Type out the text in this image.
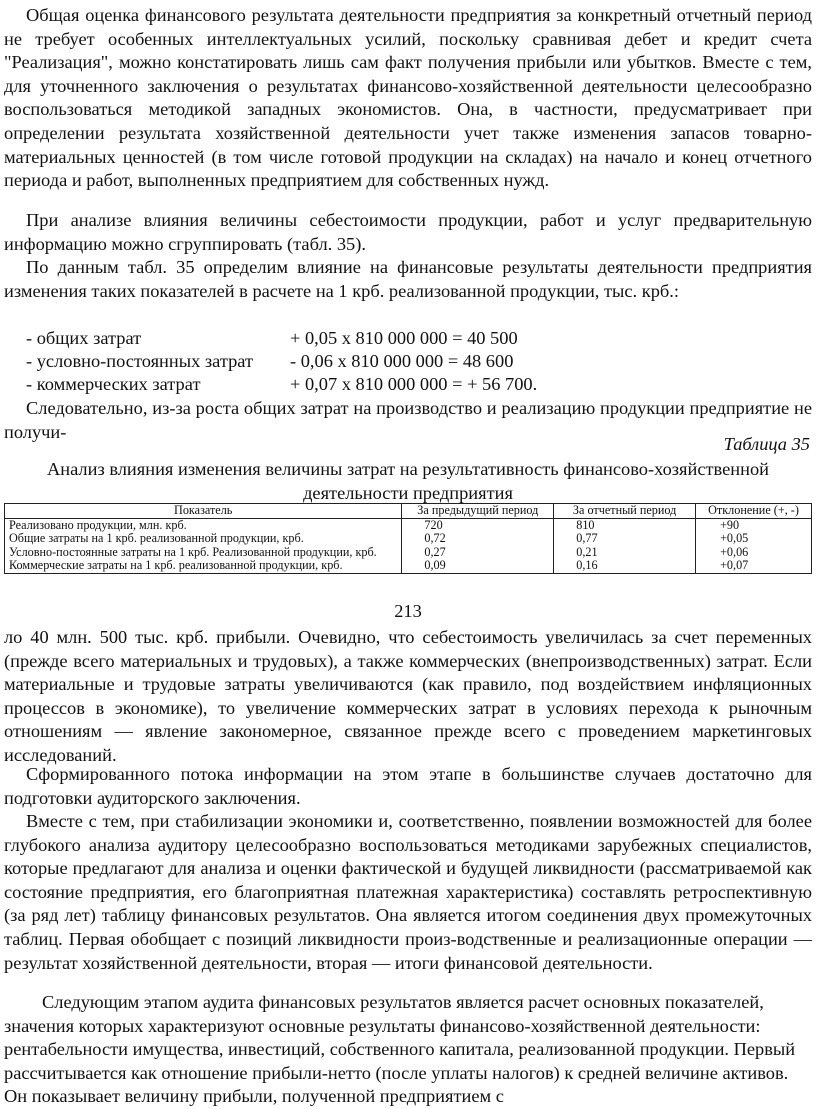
Общая оценка финансового результата деятельности предприятия за конкретный отчетный период не требует особенных интеллектуальных усилий, поскольку сравнивая дебет и кредит счета "Реализация", можно констатировать лишь сам факт получения прибыли или убытков. Вместе с тем, для уточненного заключения о результатах финансово-хозяйственной деятельности целесообразно воспользоваться методикой западных экономистов. Она, в частности, предусматривает при определении результата хозяйственной деятельности учет также изменения запасов товарно-материальных ценностей (в том числе готовой продукции на складах) на начало и конец отчетного периода и работ, выполненных предприятием для собственных нужд.

При анализе влияния величины себестоимости продукции, работ и услуг предварительную информацию можно сгруппировать (табл. 35).

По данным табл. 35 определим влияние на финансовые результаты деятельности предприятия изменения таких показателей в расчете на 1 крб. реализованной продукции, тыс. крб.:

- общих затрат	+ 0,05 х 810 000 000 = 40 500
- условно-постоянных затрат - 0,06 х 810 000 000 = 48 600
- коммерческих затрат	+ 0,07 х 810 000 000 = + 56 700.

Следовательно, из-за роста общих затрат на производство и реализацию продукции предприятие не получи-

Таблица 35
Анализ влияния изменения величины затрат на результативность финансово-хозяйственной деятельности предприятия
Показатель	За предыдущий период	За отчетный период	Отклонение (+, -)
Реализовано продукции, млн. крб.	720	810	+90
Общие затраты на 1 крб. реализованной продукции, крб.	0,72	0,77	+0,05
Условно-постоянные затраты на 1 крб. Реализованной продукции, крб.	0,27	0,21	+0,06
Коммерческие затраты на 1 крб. реализованной продукции, крб.	0,09	0,16	+0,07
213

ло 40 млн. 500 тыс. крб. прибыли. Очевидно, что себестоимость увеличилась за счет переменных (прежде всего материальных и трудовых), а также коммерческих (внепроизводственных) затрат. Если материальные и трудовые затраты увеличиваются (как правило, под воздействием инфляционных процессов в экономике), то увеличение коммерческих затрат в условиях перехода к рыночным отношениям — явление закономерное, связанное прежде всего с проведением маркетинговых исследований.

Сформированного потока информации на этом этапе в большинстве случаев достаточно для подготовки аудиторского заключения.

Вместе с тем, при стабилизации экономики и, соответственно, появлении возможностей для более глубокого анализа аудитору целесообразно воспользоваться методиками зарубежных специалистов, которые предлагают для анализа и оценки фактической и будущей ликвидности (рассматриваемой как состояние предприятия, его благоприятная платежная характеристика) составлять ретроспективную (за ряд лет) таблицу финансовых результатов. Она является итогом соединения двух промежуточных таблиц. Первая обобщает с позиций ликвидности произ-водственные и реализационные операции — результат хозяйственной деятельности, вторая — итоги финансовой деятельности.

Следующим этапом аудита финансовых результатов является расчет основных показателей, значения которых характеризуют основные результаты финансово-хозяйственной деятельности: рентабельности имущества, инвестиций, собственного капитала, реализованной продукции. Первый рассчитывается как отношение прибыли-нетто (после уплаты налогов) к средней величине активов. Он показывает величину прибыли, полученной предприятием с
